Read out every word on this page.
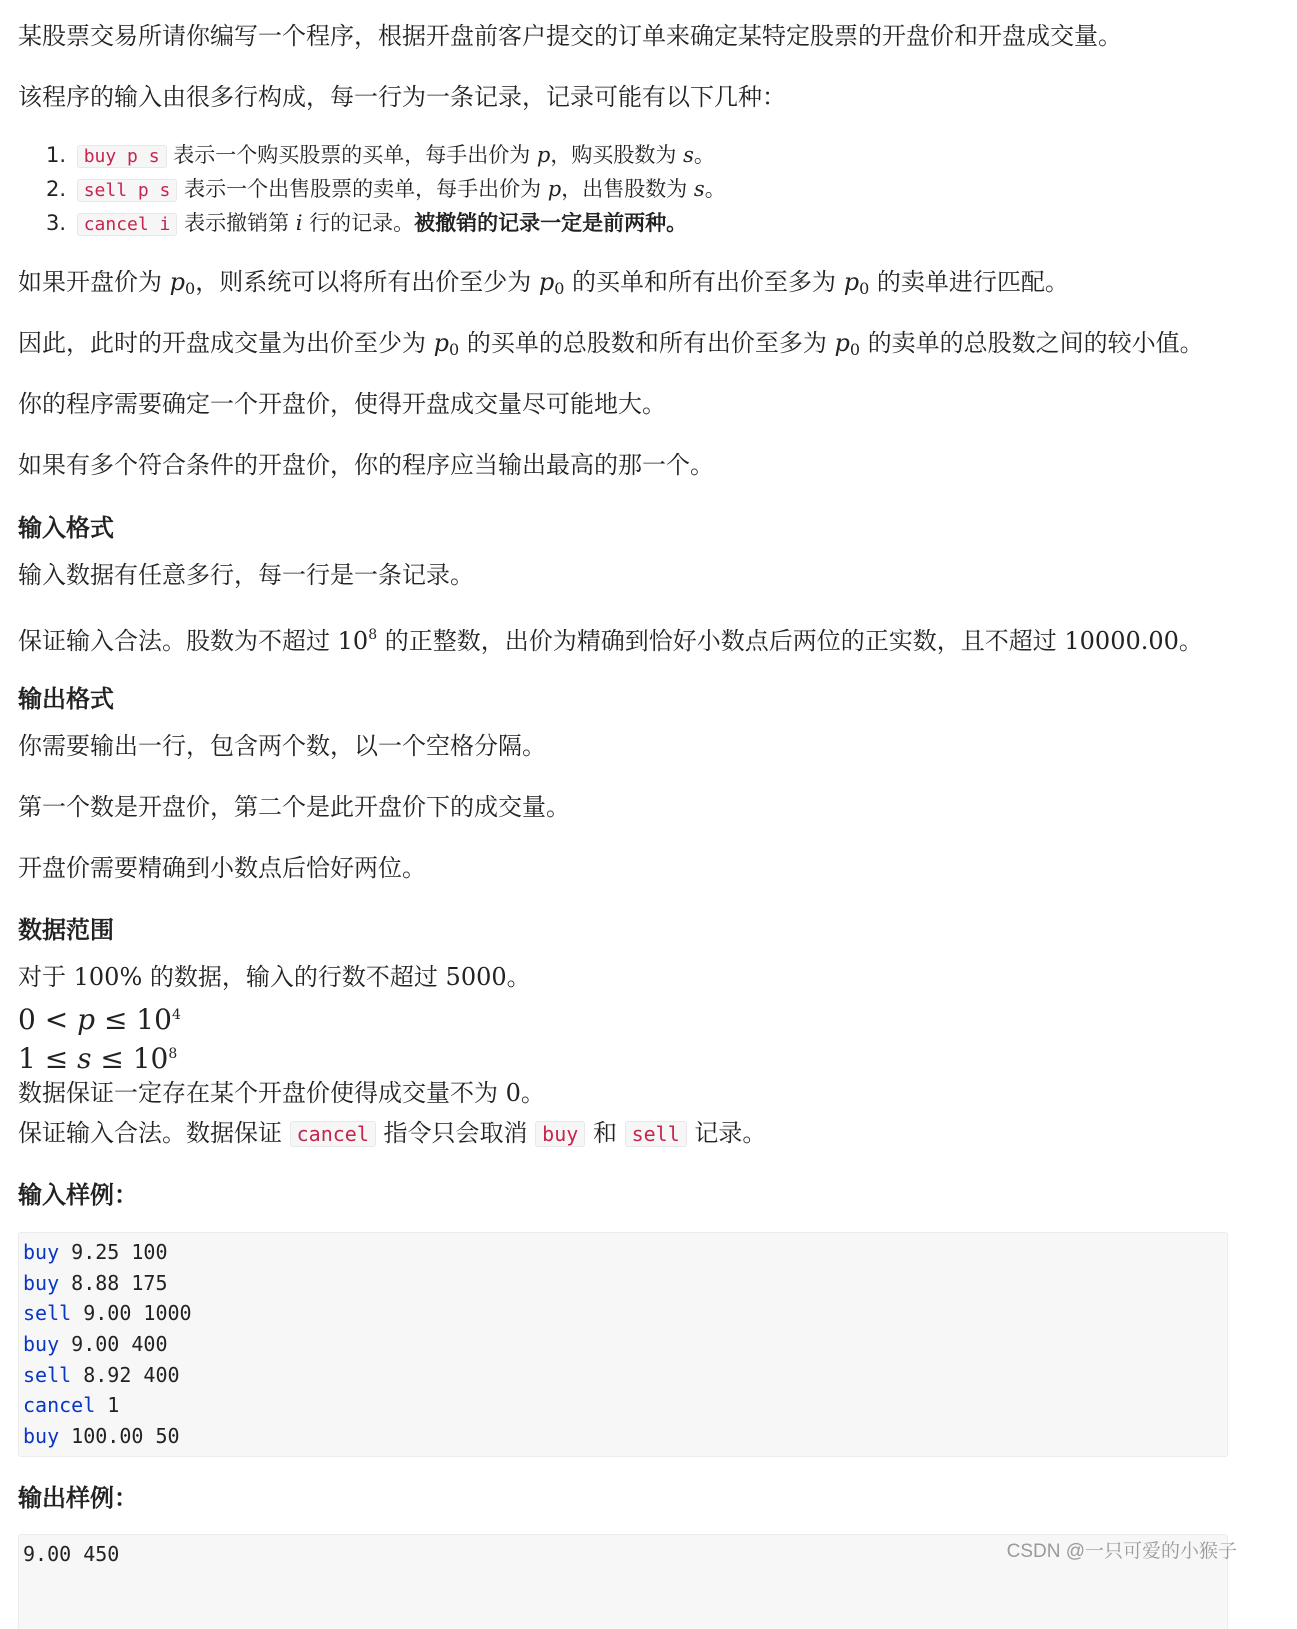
某股票交易所请你编写一个程序，根据开盘前客户提交的订单来确定某特定股票的开盘价和开盘成交量。

该程序的输入由很多行构成，每一行为一条记录，记录可能有以下几种：

1. buy p s 表示一个购买股票的买单，每手出价为 p，购买股数为 s。
2. sell p s 表示一个出售股票的卖单，每手出价为 p，出售股数为 s。
3. cancel i 表示撤销第 i 行的记录。被撤销的记录一定是前两种。

如果开盘价为 $p_0$，则系统可以将所有出价至少为 $p_0$ 的买单和所有出价至多为 $p_0$ 的卖单进行匹配。

因此，此时的开盘成交量为出价至少为 $p_0$ 的买单的总股数和所有出价至多为 $p_0$ 的卖单的总股数之间的较小值。

你的程序需要确定一个开盘价，使得开盘成交量尽可能地大。

如果有多个符合条件的开盘价，你的程序应当输出最高的那一个。

输入格式

输入数据有任意多行，每一行是一条记录。

保证输入合法。股数为不超过 $10^8$ 的正整数，出价为精确到恰好小数点后两位的正实数，且不超过 10000.00。

输出格式

你需要输出一行，包含两个数，以一个空格分隔。

第一个数是开盘价，第二个是此开盘价下的成交量。

开盘价需要精确到小数点后恰好两位。

数据范围

对于 100% 的数据，输入的行数不超过 5000。

$0 < p \le 10^4$

$1 \le s \le 10^8$

数据保证一定存在某个开盘价使得成交量不为 0。

保证输入合法。数据保证 cancel 指令只会取消 buy 和 sell 记录。

输入样例：
buy 9.25 100
buy 8.88 175
sell 9.00 1000
buy 9.00 400
sell 8.92 400
cancel 1
buy 100.00 50
输出样例：
9.00 450	CSDN @一只可爱的小猴子
